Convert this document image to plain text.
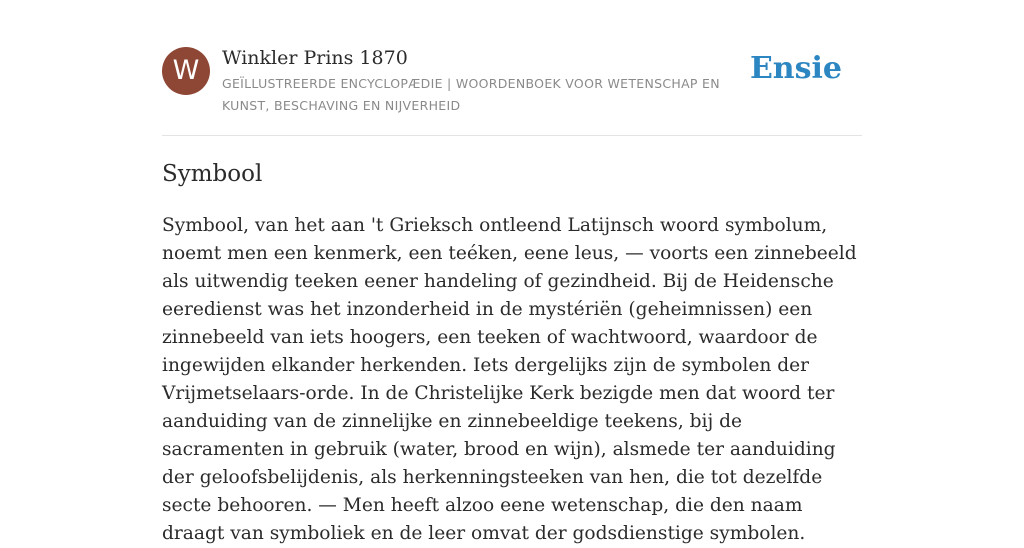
W	Winkler Prins 1870
GEÏLLUSTREERDE ENCYCLOPÆDIE | WOORDENBOEK VOOR WETENSCHAP EN KUNST, BESCHAVING EN NIJVERHEID
Ensie
Symbool

Symbool, van het aan 't Grieksch ontleend Latijnsch woord symbolum, noemt men een kenmerk, een teéken, eene leus, — voorts een zinnebeeld als uitwendig teeken eener handeling of gezindheid. Bij de Heidensche eeredienst was het inzonderheid in de mystériën (geheimnissen) een zinnebeeld van iets hoogers, een teeken of wachtwoord, waardoor de ingewijden elkander herkenden. Iets dergelijks zijn de symbolen der Vrijmetselaars-orde. In de Christelijke Kerk bezigde men dat woord ter aanduiding van de zinnelijke en zinnebeeldige teekens, bij de sacramenten in gebruik (water, brood en wijn), alsmede ter aanduiding der geloofsbelijdenis, als herkenningsteeken van hen, die tot dezelfde secte behooren. — Men heeft alzoo eene wetenschap, die den naam draagt van symboliek en de leer omvat der godsdienstige symbolen.
